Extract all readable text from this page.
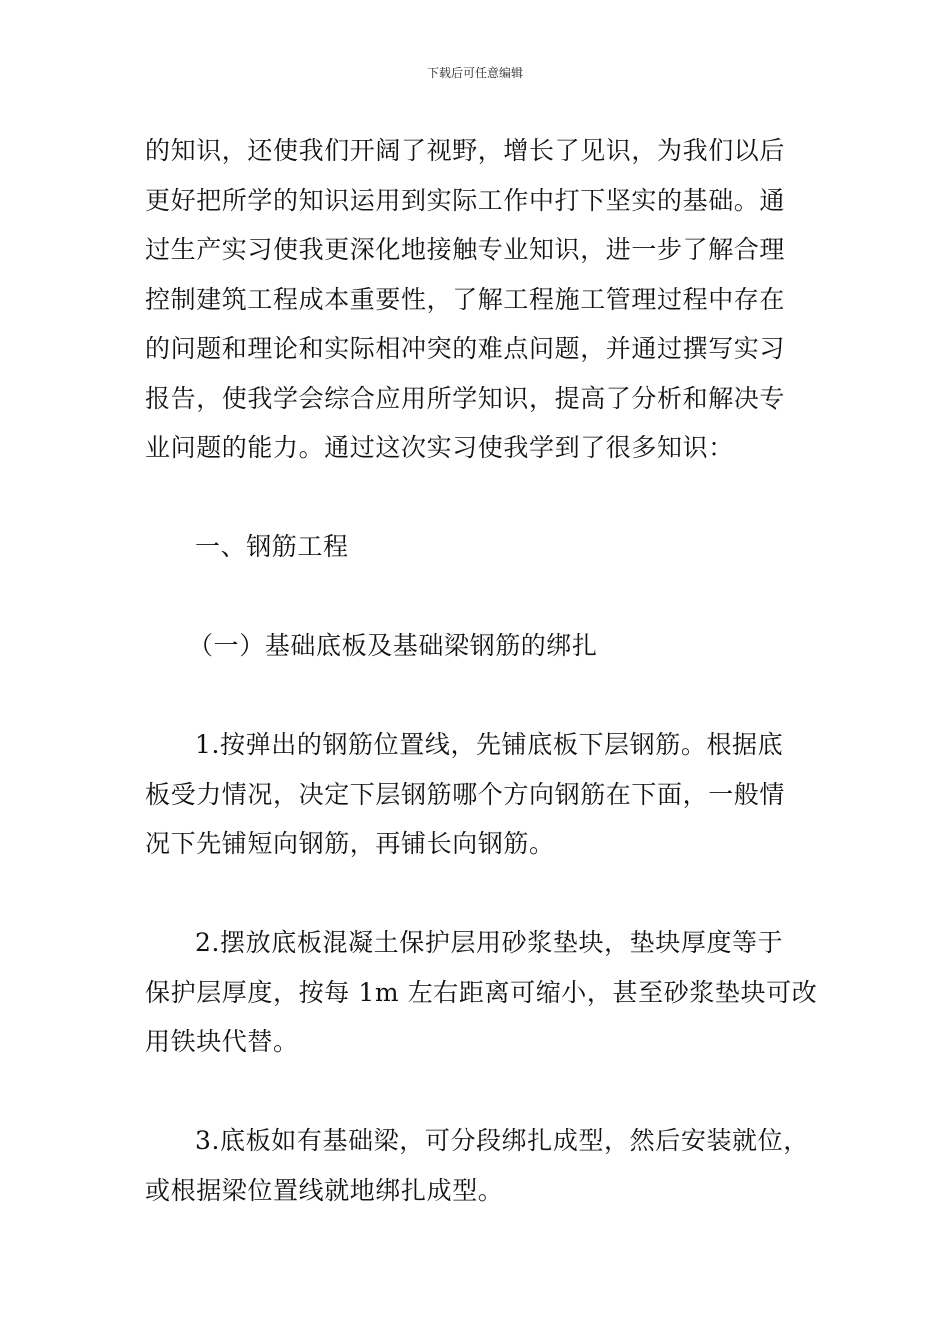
下载后可任意编辑
的知识，还使我们开阔了视野，增长了见识，为我们以后
更好把所学的知识运用到实际工作中打下坚实的基础。通
过生产实习使我更深化地接触专业知识，进一步了解合理
控制建筑工程成本重要性，了解工程施工管理过程中存在
的问题和理论和实际相冲突的难点问题，并通过撰写实习
报告，使我学会综合应用所学知识，提高了分析和解决专
业问题的能力。通过这次实习使我学到了很多知识：
一、钢筋工程
（一）基础底板及基础梁钢筋的绑扎
1.按弹出的钢筋位置线，先铺底板下层钢筋。根据底
板受力情况，决定下层钢筋哪个方向钢筋在下面，一般情
况下先铺短向钢筋，再铺长向钢筋。
2.摆放底板混凝土保护层用砂浆垫块，垫块厚度等于
保护层厚度，按每 1m 左右距离可缩小，甚至砂浆垫块可改
用铁块代替。
3.底板如有基础梁，可分段绑扎成型，然后安装就位，
或根据梁位置线就地绑扎成型。
